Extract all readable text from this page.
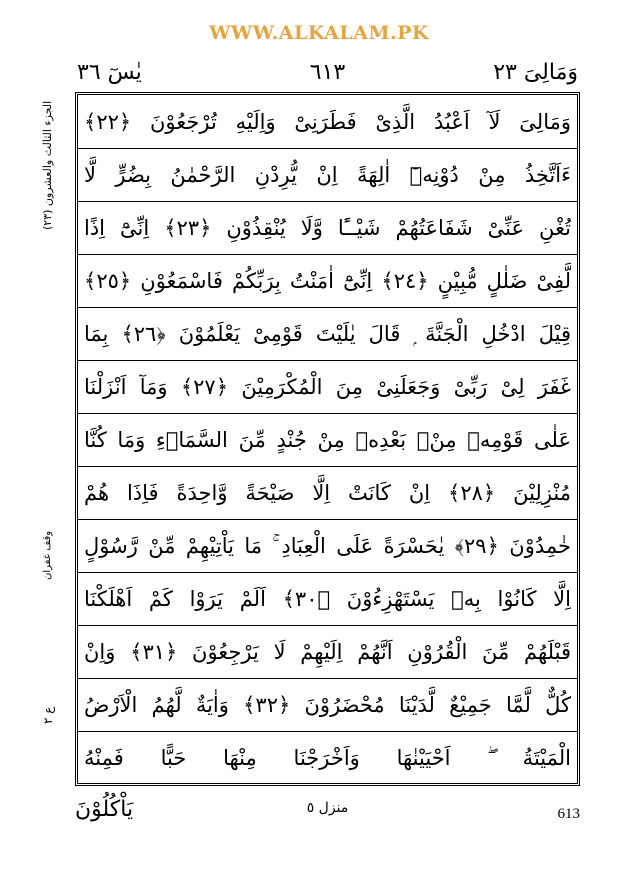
WWW.ALKALAM.PK
٦١٣
يٰسٓ ٣٦	وَمَالِیَ ٢٣
الجزء الثالث والعشرون (٢٣)
وقف غفران
ع ٢
وَمَالِیَ لَآ اَعْبُدُ الَّذِیْ فَطَرَنِیْ وَاِلَیْهِ تُرْجَعُوْنَ ﴿٢٢﴾
ءَاَتَّخِذُ مِنْ دُوْنِهٖٓ اٰلِهَةً اِنْ يُّرِدْنِ الرَّحْمٰنُ بِضُرٍّ لَّا
تُغْنِ عَنِّیْ شَفَاعَتُهُمْ شَیْــًٔا وَّلَا يُنْقِذُوْنِ ﴿٢٣﴾ اِنِّیْٓ اِذًا
لَّفِیْ ضَلٰلٍ مُّبِیْنٍ ﴿٢٤﴾ اِنِّیْٓ اٰمَنْتُ بِرَبِّكُمْ فَاسْمَعُوْنِ ﴿٢٥﴾
قِیْلَ ادْخُلِ الْجَنَّةَ ۭ قَالَ یٰلَیْتَ قَوْمِیْ يَعْلَمُوْنَ ﴿٢٦﴾ بِمَا
غَفَرَ لِیْ رَبِّیْ وَجَعَلَنِیْ مِنَ الْمُكْرَمِیْنَ ﴿٢٧﴾ وَمَآ اَنْزَلْنَا
عَلٰی قَوْمِهٖ مِنْۢ بَعْدِهٖ مِنْ جُنْدٍ مِّنَ السَّمَاۗءِ وَمَا كُنَّا
مُنْزِلِیْنَ ﴿٢٨﴾ اِنْ كَانَتْ اِلَّا صَیْحَةً وَّاحِدَةً فَاِذَا هُمْ
خٰمِدُوْنَ ﴿٢٩﴾ یٰحَسْرَةً عَلَی الْعِبَادِ ۚ مَا یَاْتِیْهِمْ مِّنْ رَّسُوْلٍ
اِلَّا كَانُوْا بِهٖ یَسْتَهْزِءُوْنَ ﴿٣٠﴾ اَلَمْ یَرَوْا كَمْ اَهْلَكْنَا
قَبْلَهُمْ مِّنَ الْقُرُوْنِ اَنَّهُمْ اِلَیْهِمْ لَا یَرْجِعُوْنَ ﴿٣١﴾ وَاِنْ
كُلٌّ لَّمَّا جَمِیْعٌ لَّدَیْنَا مُحْضَرُوْنَ ﴿٣٢﴾ وَاٰیَةٌ لَّهُمُ الْاَرْضُ
الْمَیْتَةُ ۖ اَحْیَیْنٰهَا وَاَخْرَجْنَا مِنْهَا حَبًّا فَمِنْهُ
یَاْكُلُوْنَ	منزل ٥	613
